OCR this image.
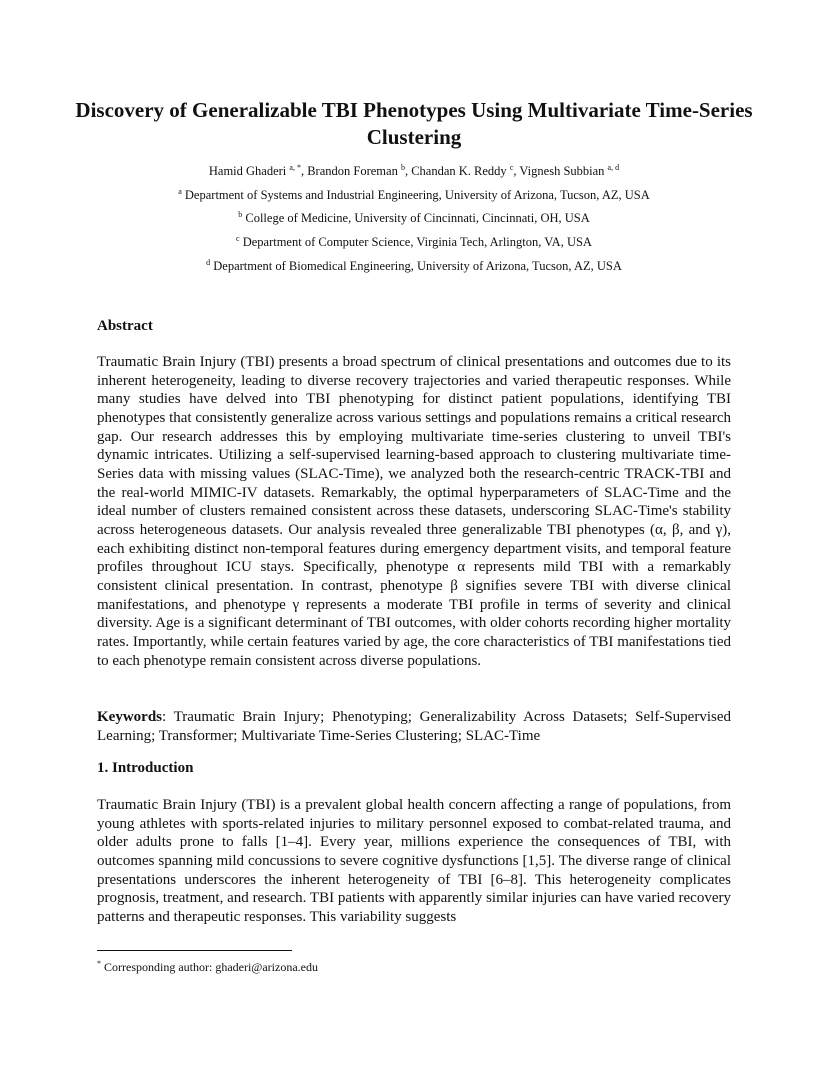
Discovery of Generalizable TBI Phenotypes Using Multivariate Time-Series Clustering
Hamid Ghaderi $^{a, *}$, Brandon Foreman $^b$, Chandan K. Reddy $^c$, Vignesh Subbian $^{a, d}$
$^a$ Department of Systems and Industrial Engineering, University of Arizona, Tucson, AZ, USA
$^b$ College of Medicine, University of Cincinnati, Cincinnati, OH, USA
$^c$ Department of Computer Science, Virginia Tech, Arlington, VA, USA
$^d$ Department of Biomedical Engineering, University of Arizona, Tucson, AZ, USA
Abstract
Traumatic Brain Injury (TBI) presents a broad spectrum of clinical presentations and outcomes due to its inherent heterogeneity, leading to diverse recovery trajectories and varied therapeutic responses. While many studies have delved into TBI phenotyping for distinct patient populations, identifying TBI phenotypes that consistently generalize across various settings and populations remains a critical research gap. Our research addresses this by employing multivariate time-series clustering to unveil TBI's dynamic intricates. Utilizing a self-supervised learning-based approach to clustering multivariate time-Series data with missing values (SLAC-Time), we analyzed both the research-centric TRACK-TBI and the real-world MIMIC-IV datasets. Remarkably, the optimal hyperparameters of SLAC-Time and the ideal number of clusters remained consistent across these datasets, underscoring SLAC-Time's stability across heterogeneous datasets. Our analysis revealed three generalizable TBI phenotypes (α, β, and γ), each exhibiting distinct non-temporal features during emergency department visits, and temporal feature profiles throughout ICU stays. Specifically, phenotype α represents mild TBI with a remarkably consistent clinical presentation. In contrast, phenotype β signifies severe TBI with diverse clinical manifestations, and phenotype γ represents a moderate TBI profile in terms of severity and clinical diversity. Age is a significant determinant of TBI outcomes, with older cohorts recording higher mortality rates. Importantly, while certain features varied by age, the core characteristics of TBI manifestations tied to each phenotype remain consistent across diverse populations.
Keywords: Traumatic Brain Injury; Phenotyping; Generalizability Across Datasets; Self-Supervised Learning; Transformer; Multivariate Time-Series Clustering; SLAC-Time
1. Introduction
Traumatic Brain Injury (TBI) is a prevalent global health concern affecting a range of populations, from young athletes with sports-related injuries to military personnel exposed to combat-related trauma, and older adults prone to falls [1–4]. Every year, millions experience the consequences of TBI, with outcomes spanning mild concussions to severe cognitive dysfunctions [1,5]. The diverse range of clinical presentations underscores the inherent heterogeneity of TBI [6–8]. This heterogeneity complicates prognosis, treatment, and research. TBI patients with apparently similar injuries can have varied recovery patterns and therapeutic responses. This variability suggests
* Corresponding author: ghaderi@arizona.edu
